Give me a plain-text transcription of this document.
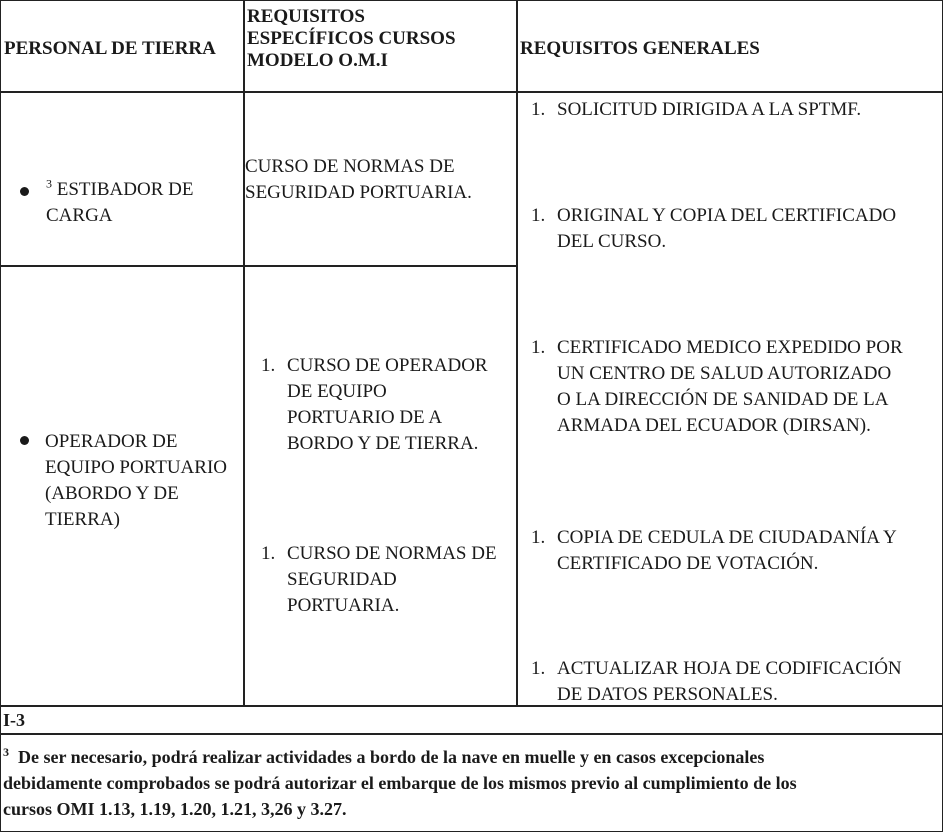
PERSONAL DE TIERRA
REQUISITOS
ESPECÍFICOS CURSOS
MODELO O.M.I
REQUISITOS GENERALES
$^3$ ESTIBADOR DE
CARGA
CURSO DE NORMAS DE
SEGURIDAD PORTUARIA.
OPERADOR DE
EQUIPO PORTUARIO
(ABORDO Y DE
TIERRA)
1. CURSO DE OPERADOR
DE EQUIPO
PORTUARIO DE A
BORDO Y DE TIERRA.
1. CURSO DE NORMAS DE
SEGURIDAD
PORTUARIA.
1. SOLICITUD DIRIGIDA A LA SPTMF.
1. ORIGINAL Y COPIA DEL CERTIFICADO
DEL CURSO.
1. CERTIFICADO MEDICO EXPEDIDO POR
UN CENTRO DE SALUD AUTORIZADO
O LA DIRECCIÓN DE SANIDAD DE LA
ARMADA DEL ECUADOR (DIRSAN).
1. COPIA DE CEDULA DE CIUDADANÍA Y
CERTIFICADO DE VOTACIÓN.
1. ACTUALIZAR HOJA DE CODIFICACIÓN
DE DATOS PERSONALES.
I-3
$^3$ De ser necesario, podrá realizar actividades a bordo de la nave en muelle y en casos excepcionales
debidamente comprobados se podrá autorizar el embarque de los mismos previo al cumplimiento de los
cursos OMI 1.13, 1.19, 1.20, 1.21, 3,26 y 3.27.
